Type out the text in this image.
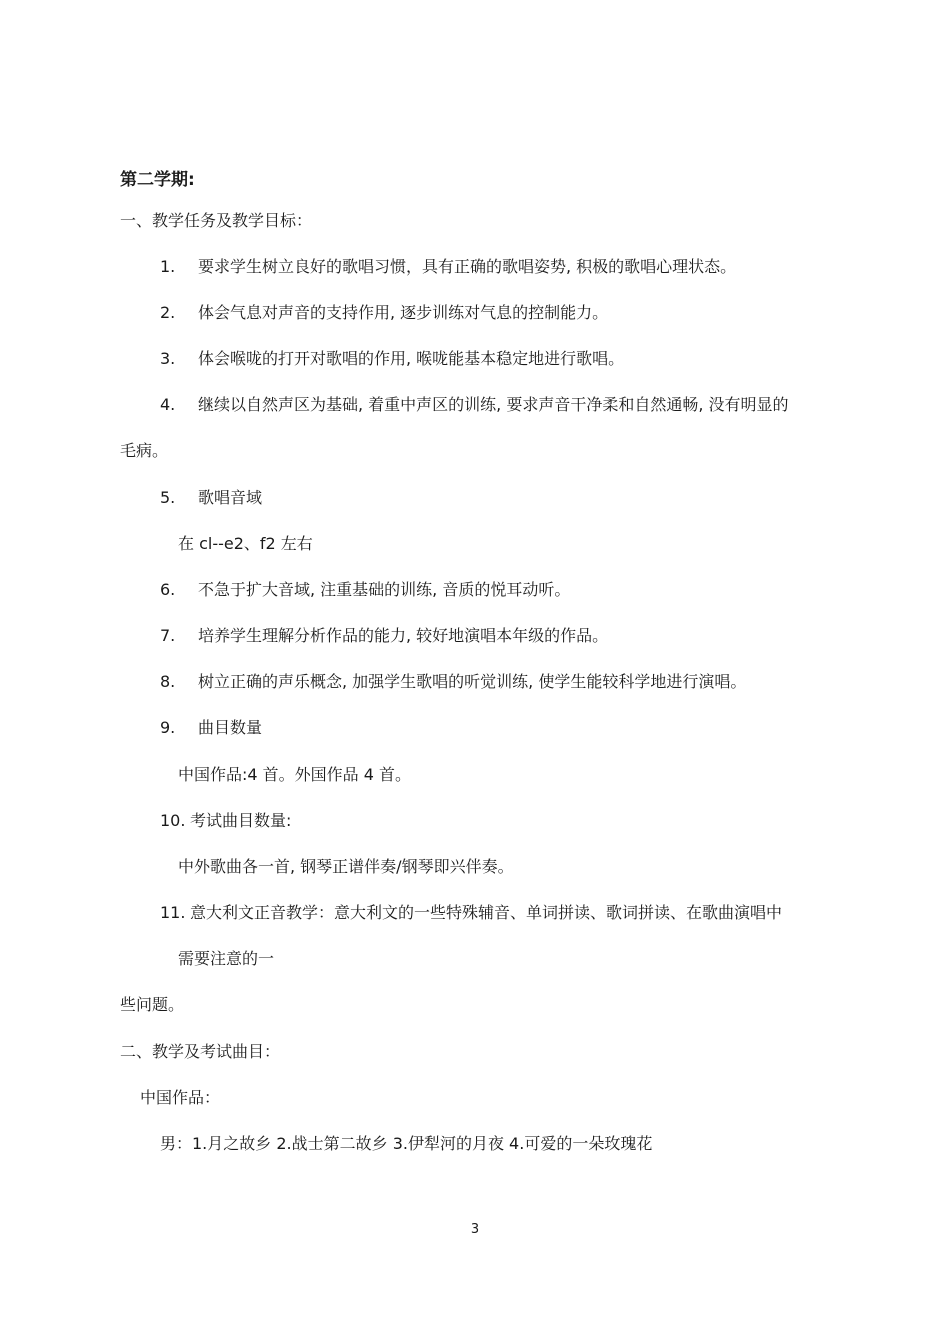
第二学期:
一、教学任务及教学目标：
1. 要求学生树立良好的歌唱习惯，具有正确的歌唱姿势, 积极的歌唱心理状态。
2. 体会气息对声音的支持作用, 逐步训练对气息的控制能力。
3. 体会喉咙的打开对歌唱的作用, 喉咙能基本稳定地进行歌唱。
4. 继续以自然声区为基础, 着重中声区的训练, 要求声音干净柔和自然通畅, 没有明显的
毛病。
5. 歌唱音域
在 cl--e2、f2 左右
6. 不急于扩大音域, 注重基础的训练, 音质的悦耳动听。
7. 培养学生理解分析作品的能力, 较好地演唱本年级的作品。
8. 树立正确的声乐概念, 加强学生歌唱的听觉训练, 使学生能较科学地进行演唱。
9. 曲目数量
中国作品:4 首。外国作品 4 首。
10. 考试曲目数量:
中外歌曲各一首, 钢琴正谱伴奏/钢琴即兴伴奏。
11. 意大利文正音教学：意大利文的一些特殊辅音、单词拼读、歌词拼读、在歌曲演唱中
需要注意的一
些问题。
二、教学及考试曲目：
中国作品：
男：1.月之故乡 2.战士第二故乡 3.伊犁河的月夜 4.可爱的一朵玫瑰花
3
